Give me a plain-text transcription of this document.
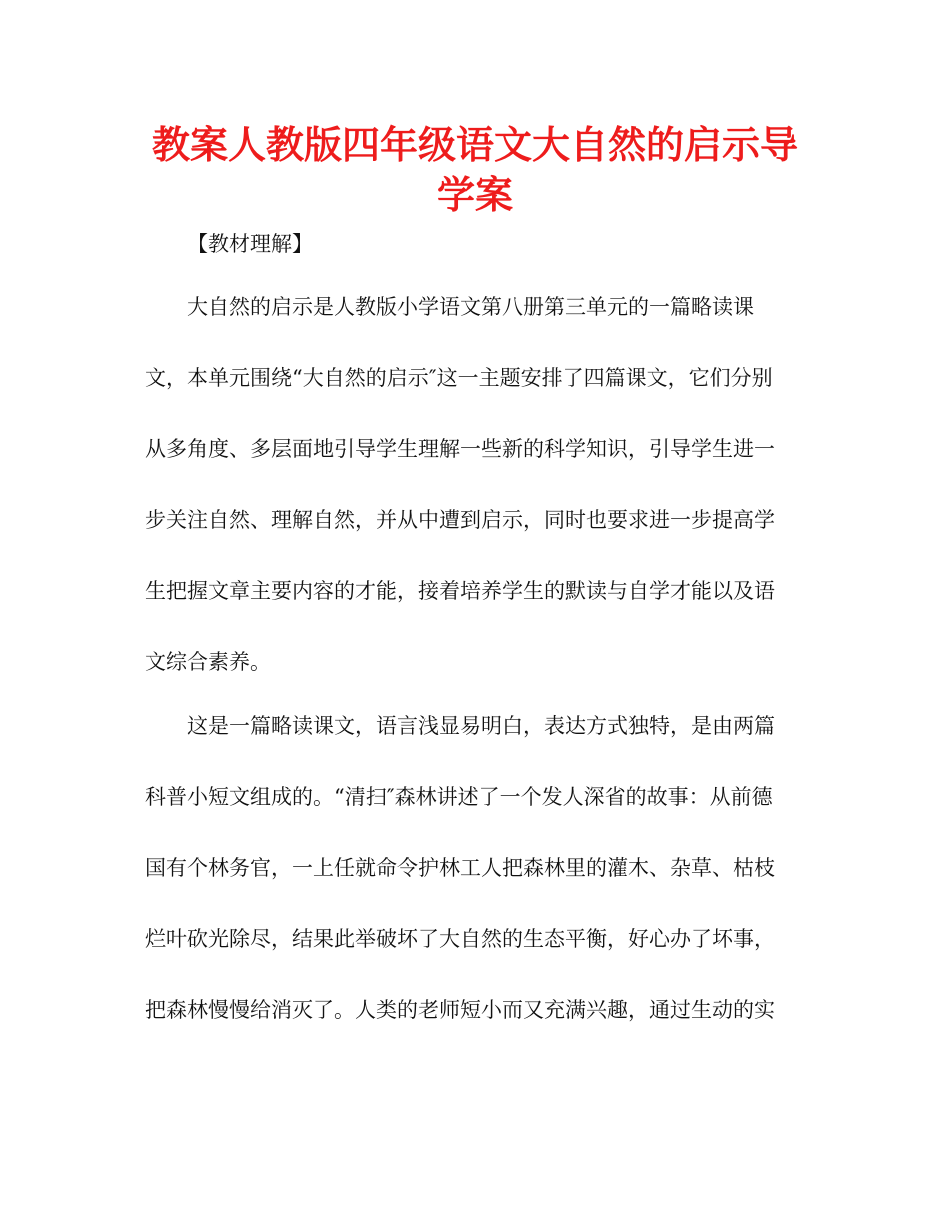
教案人教版四年级语文大自然的启示导学案

【教材理解】

大自然的启示是人教版小学语文第八册第三单元的一篇略读课

文，本单元围绕“大自然的启示″这一主题安排了四篇课文，它们分别

从多角度、多层面地引导学生理解一些新的科学知识，引导学生进一

步关注自然、理解自然，并从中遭到启示，同时也要求进一步提高学

生把握文章主要内容的才能，接着培养学生的默读与自学才能以及语

文综合素养。

这是一篇略读课文，语言浅显易明白，表达方式独特，是由两篇

科普小短文组成的。“清扫″森林讲述了一个发人深省的故事：从前德

国有个林务官，一上任就命令护林工人把森林里的灌木、杂草、枯枝

烂叶砍光除尽，结果此举破坏了大自然的生态平衡，好心办了坏事，

把森林慢慢给消灭了。人类的老师短小而又充满兴趣，通过生动的实
